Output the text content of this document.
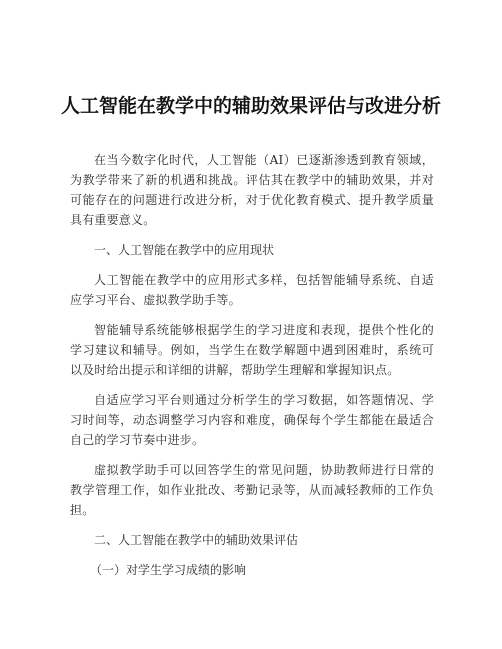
人工智能在教学中的辅助效果评估与改进分析

在当今数字化时代，人工智能（AI）已逐渐渗透到教育领域，为教学带来了新的机遇和挑战。评估其在教学中的辅助效果，并对可能存在的问题进行改进分析，对于优化教育模式、提升教学质量具有重要意义。

一、人工智能在教学中的应用现状

人工智能在教学中的应用形式多样，包括智能辅导系统、自适应学习平台、虚拟教学助手等。

智能辅导系统能够根据学生的学习进度和表现，提供个性化的学习建议和辅导。例如，当学生在数学解题中遇到困难时，系统可以及时给出提示和详细的讲解，帮助学生理解和掌握知识点。

自适应学习平台则通过分析学生的学习数据，如答题情况、学习时间等，动态调整学习内容和难度，确保每个学生都能在最适合自己的学习节奏中进步。

虚拟教学助手可以回答学生的常见问题，协助教师进行日常的教学管理工作，如作业批改、考勤记录等，从而减轻教师的工作负担。

二、人工智能在教学中的辅助效果评估

（一）对学生学习成绩的影响
